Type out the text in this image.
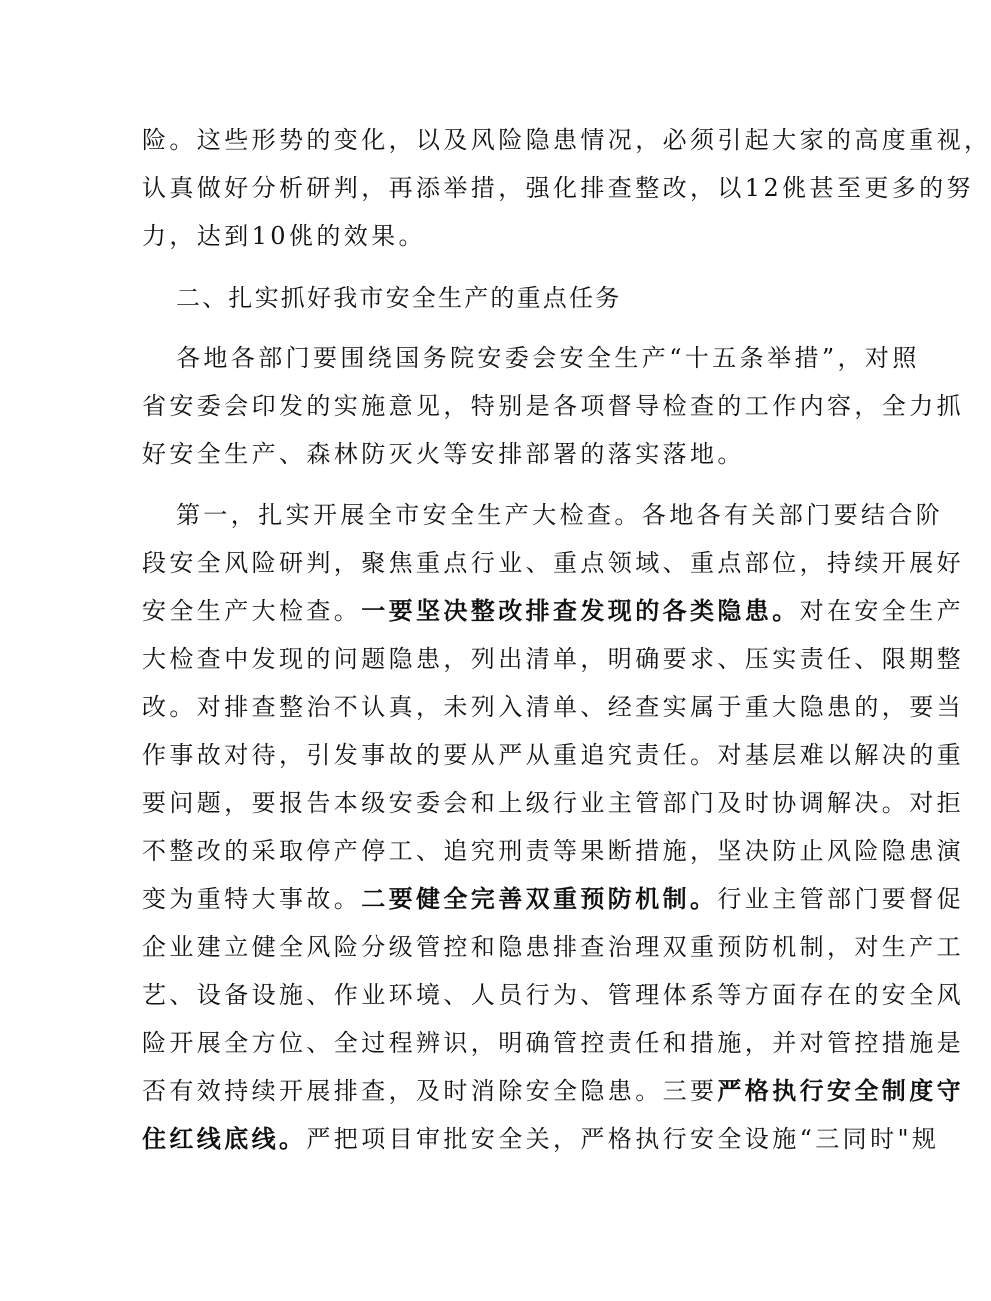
险。这些形势的变化，以及风险隐患情况，必须引起大家的高度重视，
认真做好分析研判，再添举措，强化排查整改，以12佻甚至更多的努
力，达到10佻的效果。
二、扎实抓好我市安全生产的重点任务
各地各部门要围绕国务院安委会安全生产“十五条举措”，对照
省安委会印发的实施意见，特别是各项督导检查的工作内容，全力抓
好安全生产、森林防灭火等安排部署的落实落地。
第一，扎实开展全市安全生产大检查。各地各有关部门要结合阶
段安全风险研判，聚焦重点行业、重点领域、重点部位，持续开展好
安全生产大检查。一要坚决整改排查发现的各类隐患。对在安全生产
大检查中发现的问题隐患，列出清单，明确要求、压实责任、限期整
改。对排查整治不认真，未列入清单、经查实属于重大隐患的，要当
作事故对待，引发事故的要从严从重追究责任。对基层难以解决的重
要问题，要报告本级安委会和上级行业主管部门及时协调解决。对拒
不整改的采取停产停工、追究刑责等果断措施，坚决防止风险隐患演
变为重特大事故。二要健全完善双重预防机制。行业主管部门要督促
企业建立健全风险分级管控和隐患排查治理双重预防机制，对生产工
艺、设备设施、作业环境、人员行为、管理体系等方面存在的安全风
险开展全方位、全过程辨识，明确管控责任和措施，并对管控措施是
否有效持续开展排查，及时消除安全隐患。三要严格执行安全制度守
住红线底线。严把项目审批安全关，严格执行安全设施“三同时"规
